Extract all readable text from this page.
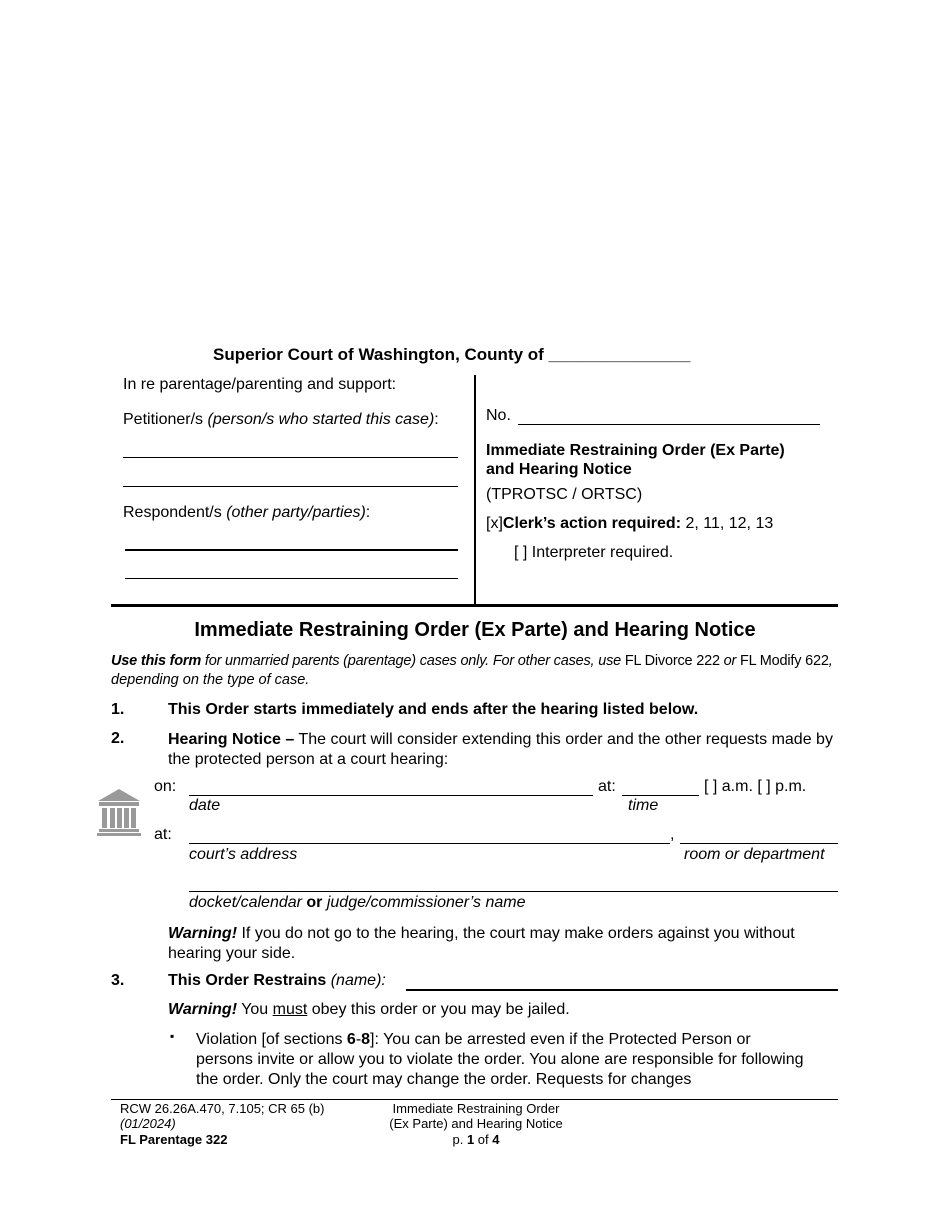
Superior Court of Washington, County of _______________
In re parentage/parenting and support:
Petitioner/s (person/s who started this case):
Respondent/s (other party/parties):
No.
Immediate Restraining Order (Ex Parte)
and Hearing Notice
(TPROTSC / ORTSC)
[x]Clerk’s action required: 2, 11, 12, 13
[ ] Interpreter required.
Immediate Restraining Order (Ex Parte) and Hearing Notice
Use this form for unmarried parents (parentage) cases only. For other cases, use FL Divorce 222 or FL Modify 622,
depending on the type of case.
1.	This Order starts immediately and ends after the hearing listed below.
2.	Hearing Notice – The court will consider extending this order and the other requests made by the protected person at a court hearing:
on:	at:	[ ] a.m. [ ] p.m.
date	time
at:	,
court’s address	room or department
docket/calendar or judge/commissioner’s name
Warning! If you do not go to the hearing, the court may make orders against you without hearing your side.
3.	This Order Restrains (name):
Warning! You must obey this order or you may be jailed.
▪ Violation [of sections 6-8]: You can be arrested even if the Protected Person or persons invite or allow you to violate the order. You alone are responsible for following the order. Only the court may change the order. Requests for changes
RCW 26.26A.470, 7.105; CR 65 (b)
(01/2024)
FL Parentage 322
Immediate Restraining Order
(Ex Parte) and Hearing Notice
p. 1 of 4
